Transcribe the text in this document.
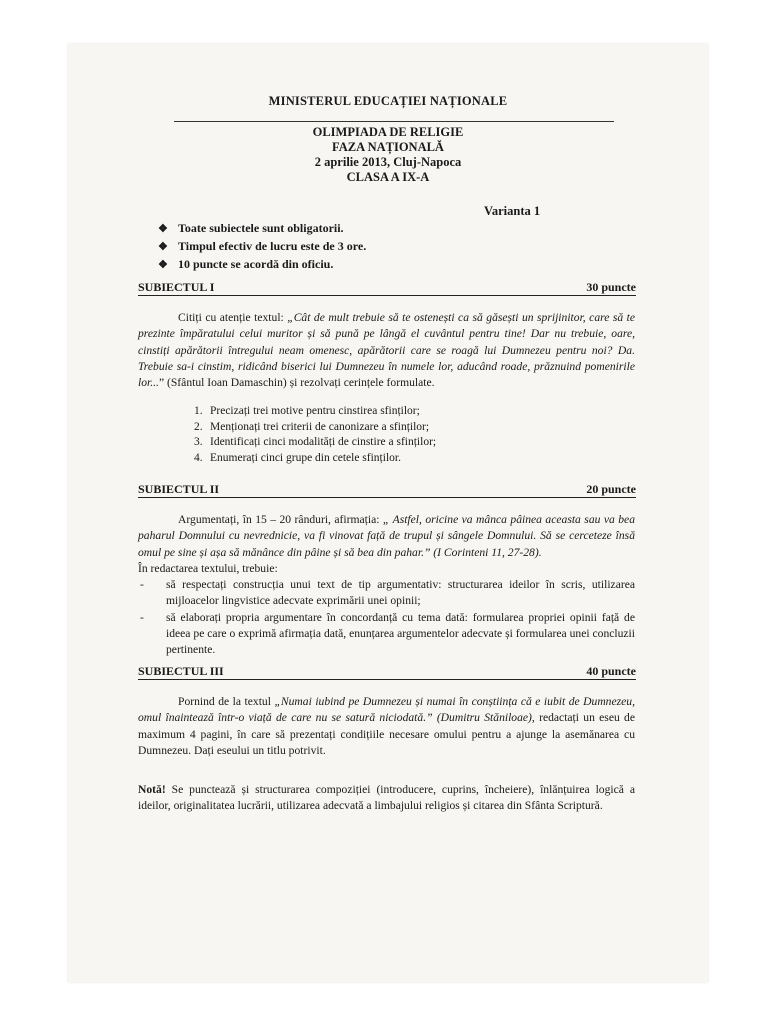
MINISTERUL EDUCAȚIEI NAȚIONALE
OLIMPIADA DE RELIGIE
FAZA NAȚIONALĂ
2 aprilie 2013, Cluj-Napoca
CLASA A IX-A
Varianta 1
❖ Toate subiectele sunt obligatorii.
❖ Timpul efectiv de lucru este de 3 ore.
❖ 10 puncte se acordă din oficiu.
SUBIECTUL I	30 puncte
Citiți cu atenție textul: „Cât de mult trebuie să te ostenești ca să găsești un sprijinitor, care să te prezinte împăratului celui muritor și să pună pe lângă el cuvântul pentru tine! Dar nu trebuie, oare, cinstiți apărătorii întregului neam omenesc, apărătorii care se roagă lui Dumnezeu pentru noi? Da. Trebuie sa-i cinstim, ridicând biserici lui Dumnezeu în numele lor, aducând roade, prăznuind pomenirile lor...” (Sfântul Ioan Damaschin) și rezolvați cerințele formulate.
1. Precizați trei motive pentru cinstirea sfinților;
2. Menționați trei criterii de canonizare a sfinților;
3. Identificați cinci modalități de cinstire a sfinților;
4. Enumerați cinci grupe din cetele sfinților.
SUBIECTUL II	20 puncte
Argumentați, în 15 – 20 rânduri, afirmația: „ Astfel, oricine va mânca pâinea aceasta sau va bea paharul Domnului cu nevrednicie, va fi vinovat față de trupul și sângele Domnului. Să se cerceteze însă omul pe sine și așa să mănânce din pâine și să bea din pahar.” (I Corinteni 11, 27-28).
În redactarea textului, trebuie:
-	să respectați construcția unui text de tip argumentativ: structurarea ideilor în scris, utilizarea mijloacelor lingvistice adecvate exprimării unei opinii;
-	să elaborați propria argumentare în concordanță cu tema dată: formularea propriei opinii față de ideea pe care o exprimă afirmația dată, enunțarea argumentelor adecvate și formularea unei concluzii pertinente.
SUBIECTUL III	40 puncte
Pornind de la textul „Numai iubind pe Dumnezeu și numai în conștiința că e iubit de Dumnezeu, omul înaintează într-o viață de care nu se satură niciodată.” (Dumitru Stăniloae), redactați un eseu de maximum 4 pagini, în care să prezentați condițiile necesare omului pentru a ajunge la asemănarea cu Dumnezeu. Dați eseului un titlu potrivit.
Notă! Se punctează și structurarea compoziției (introducere, cuprins, încheiere), înlănțuirea logică a ideilor, originalitatea lucrării, utilizarea adecvată a limbajului religios și citarea din Sfânta Scriptură.
